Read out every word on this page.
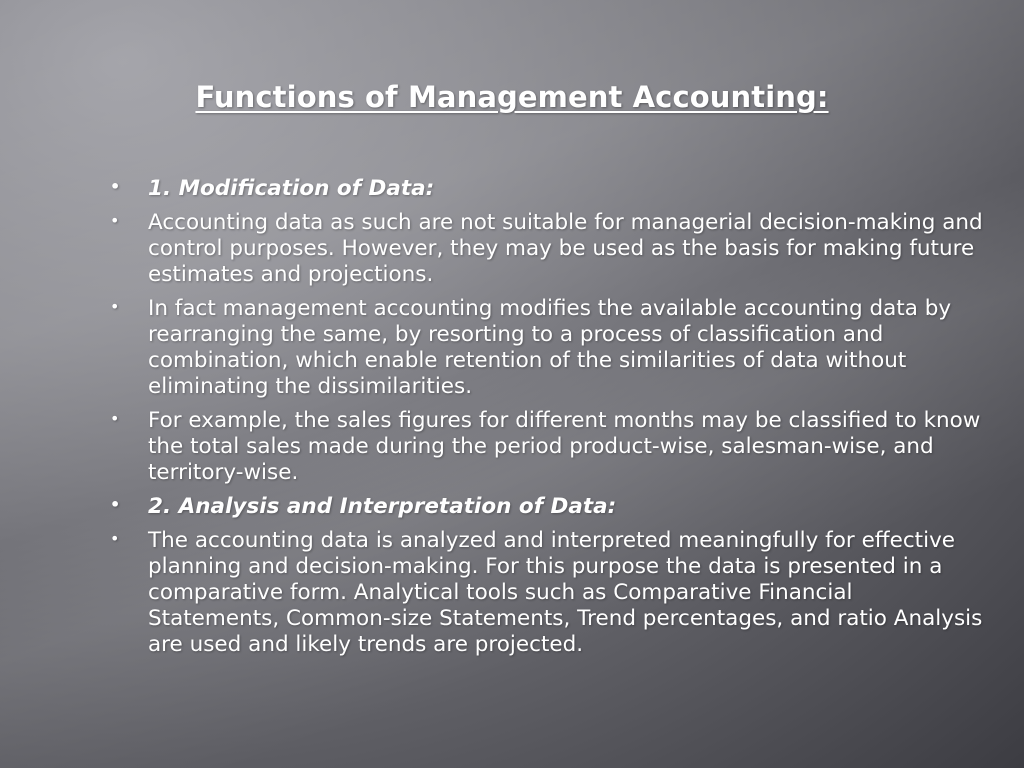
Functions of Management Accounting:
• 1. Modification of Data:
• Accounting data as such are not suitable for managerial decision-making and control purposes. However, they may be used as the basis for making future estimates and projections.
• In fact management accounting modifies the available accounting data by rearranging the same, by resorting to a process of classification and combination, which enable retention of the similarities of data without eliminating the dissimilarities.
• For example, the sales figures for different months may be classified to know the total sales made during the period product-wise, salesman-wise, and territory-wise.
• 2. Analysis and Interpretation of Data:
• The accounting data is analyzed and interpreted meaningfully for effective planning and decision-making. For this purpose the data is presented in a comparative form. Analytical tools such as Comparative Financial Statements, Common-size Statements, Trend percentages, and ratio Analysis are used and likely trends are projected.
